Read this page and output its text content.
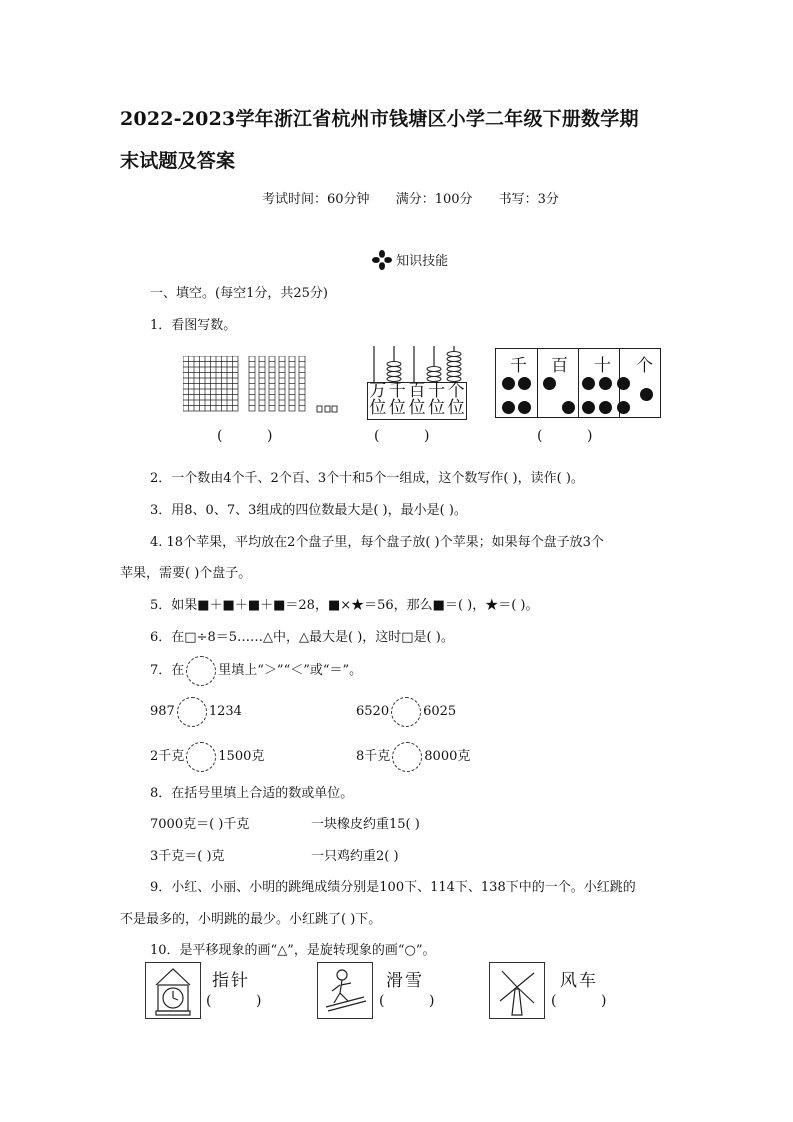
2022-2023学年浙江省杭州市钱塘区小学二年级下册数学期
末试题及答案
考试时间：60分钟 满分：100分 书写：3分
知识技能
一、填空。(每空1分，共25分)
1．看图写数。
万 千 百 十 个
位 位 位 位 位
千 百 十 个
(          )	(          )	(          )
2．一个数由4个千、2个百、3个十和5个一组成，这个数写作( )，读作( )。
3．用8、0、7、3组成的四位数最大是( )，最小是( )。
4. 18个苹果，平均放在2个盘子里，每个盘子放( )个苹果；如果每个盘子放3个
苹果，需要( )个盘子。
5．如果■＋■＋■＋■＝28，■×★＝56，那么■＝( )，★＝( )。
6．在□÷8＝5……△中，△最大是( )，这时□是( )。
7．在	里填上“＞”“＜”或“＝”。
987	1234	6520	6025
2千克	1500克	8千克	8000克
8．在括号里填上合适的数或单位。
7000克＝( )千克	一块橡皮约重15( )
3千克＝( )克	一只鸡约重2( )
9．小红、小丽、小明的跳绳成绩分别是100下、114下、138下中的一个。小红跳的
不是最多的，小明跳的最少。小红跳了( )下。
10．是平移现象的画“△”，是旋转现象的画“○”。
指针
(          )
滑雪
(          )
风车
(          )
